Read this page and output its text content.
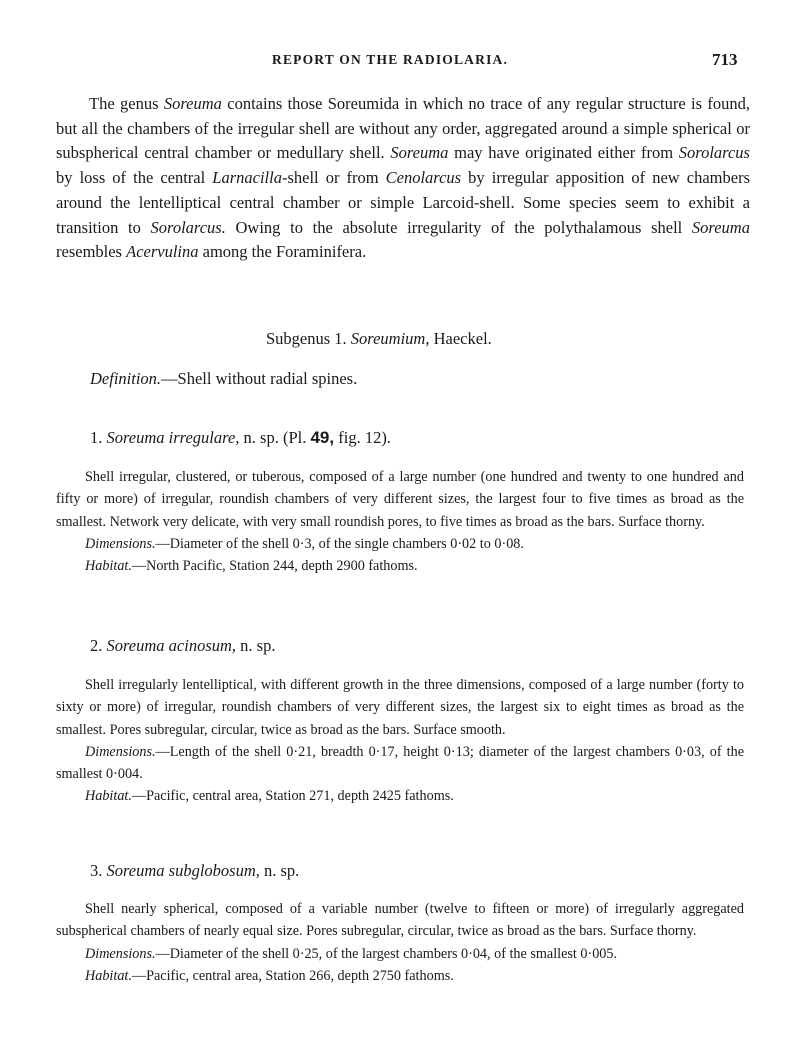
REPORT ON THE RADIOLARIA.	713

The genus Soreuma contains those Soreumida in which no trace of any regular structure is found, but all the chambers of the irregular shell are without any order, aggregated around a simple spherical or subspherical central chamber or medullary shell. Soreuma may have originated either from Sorolarcus by loss of the central Larnacilla-shell or from Cenolarcus by irregular apposition of new chambers around the lentelliptical central chamber or simple Larcoid-shell. Some species seem to exhibit a transition to Sorolarcus. Owing to the absolute irregularity of the polythalamous shell Soreuma resembles Acervulina among the Foraminifera.

Subgenus 1. Soreumium, Haeckel.
Definition.—Shell without radial spines.
1. Soreuma irregulare, n. sp. (Pl. 49, fig. 12).

Shell irregular, clustered, or tuberous, composed of a large number (one hundred and twenty to one hundred and fifty or more) of irregular, roundish chambers of very different sizes, the largest four to five times as broad as the smallest. Network very delicate, with very small roundish pores, to five times as broad as the bars. Surface thorny.

Dimensions.—Diameter of the shell 0·3, of the single chambers 0·02 to 0·08.

Habitat.—North Pacific, Station 244, depth 2900 fathoms.

2. Soreuma acinosum, n. sp.

Shell irregularly lentelliptical, with different growth in the three dimensions, composed of a large number (forty to sixty or more) of irregular, roundish chambers of very different sizes, the largest six to eight times as broad as the smallest. Pores subregular, circular, twice as broad as the bars. Surface smooth.

Dimensions.—Length of the shell 0·21, breadth 0·17, height 0·13; diameter of the largest chambers 0·03, of the smallest 0·004.

Habitat.—Pacific, central area, Station 271, depth 2425 fathoms.

3. Soreuma subglobosum, n. sp.

Shell nearly spherical, composed of a variable number (twelve to fifteen or more) of irregularly aggregated subspherical chambers of nearly equal size. Pores subregular, circular, twice as broad as the bars. Surface thorny.

Dimensions.—Diameter of the shell 0·25, of the largest chambers 0·04, of the smallest 0·005.

Habitat.—Pacific, central area, Station 266, depth 2750 fathoms.
